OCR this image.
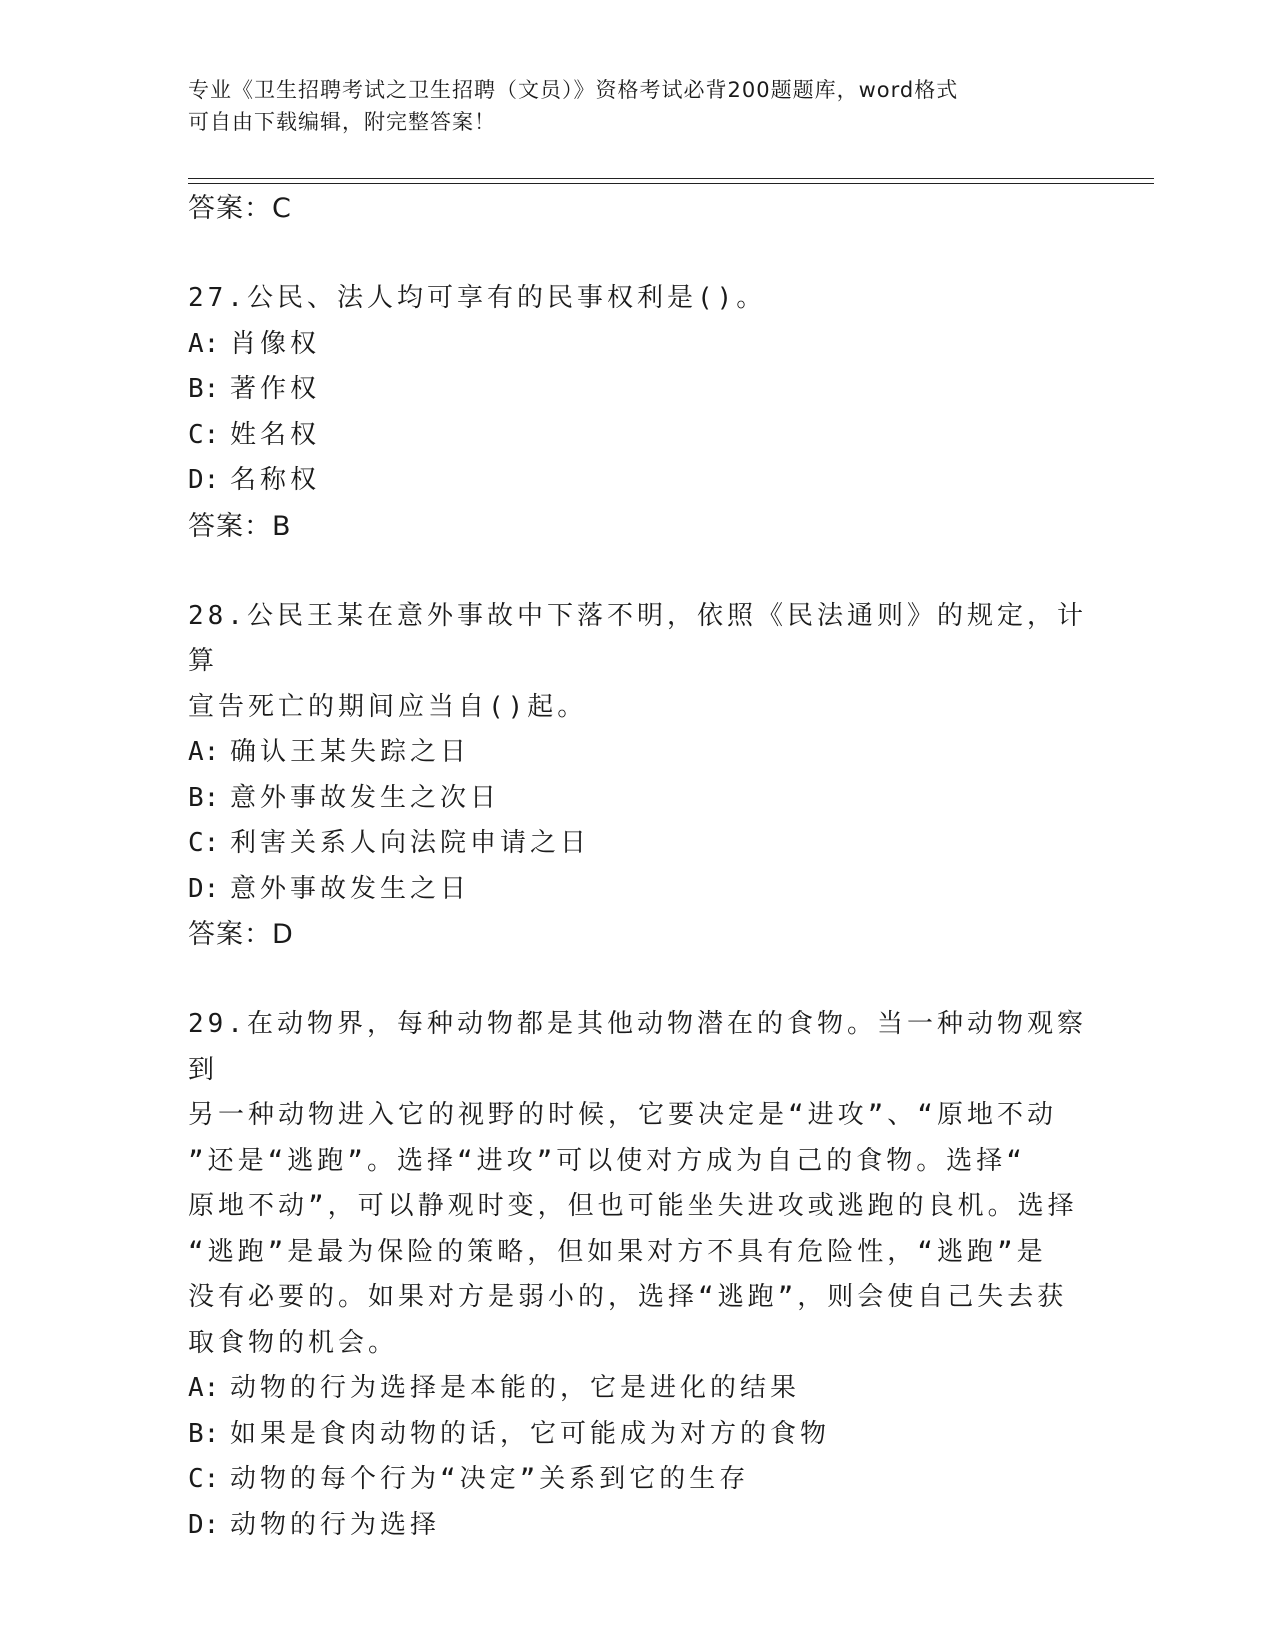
专业《卫生招聘考试之卫生招聘（文员）》资格考试必背200题题库，word格式
可自由下载编辑，附完整答案！
答案：C
27.公民、法人均可享有的民事权利是()。
A: 肖像权
B: 著作权
C: 姓名权
D: 名称权
答案：B
28.公民王某在意外事故中下落不明，依照《民法通则》的规定，计算
宣告死亡的期间应当自()起。
A: 确认王某失踪之日
B: 意外事故发生之次日
C: 利害关系人向法院申请之日
D: 意外事故发生之日
答案：D
29.在动物界，每种动物都是其他动物潜在的食物。当一种动物观察到
另一种动物进入它的视野的时候，它要决定是“进攻”、“原地不动
”还是“逃跑”。选择“进攻”可以使对方成为自己的食物。选择“
原地不动”，可以静观时变，但也可能坐失进攻或逃跑的良机。选择
“逃跑”是最为保险的策略，但如果对方不具有危险性，“逃跑”是
没有必要的。如果对方是弱小的，选择“逃跑”，则会使自己失去获
取食物的机会。
A: 动物的行为选择是本能的，它是进化的结果
B: 如果是食肉动物的话，它可能成为对方的食物
C: 动物的每个行为“决定”关系到它的生存
D: 动物的行为选择
